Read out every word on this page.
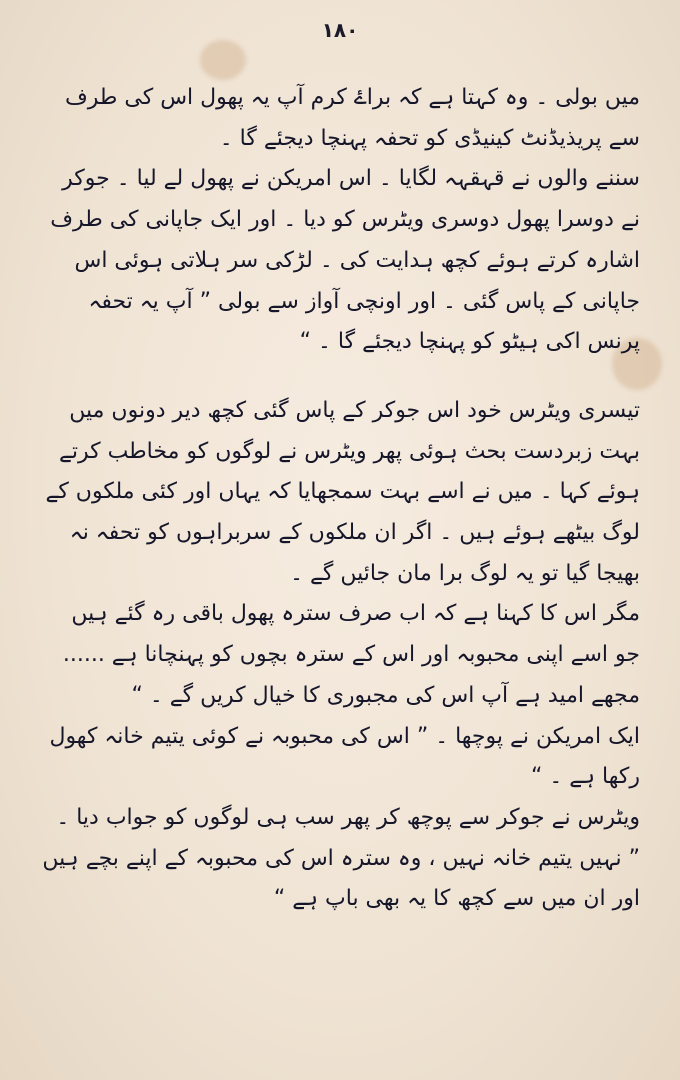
۱۸۰

میں بولی ۔ وہ کہتا ہے کہ براۓ کرم آپ یہ پھول اس کی طرف سے پریذیڈنٹ کینیڈی کو تحفہ پہنچا دیجئے گا ۔

سننے والوں نے قہقہہ لگایا ۔ اس امریکن نے پھول لے لیا ۔ جوکر نے دوسرا پھول دوسری ویٹرس کو دیا ۔ اور ایک جاپانی کی طرف اشارہ کرتے ہوئے کچھ ہدایت کی ۔ لڑکی سر ہلاتی ہوئی اس جاپانی کے پاس گئی ۔ اور اونچی آواز سے بولی ” آپ یہ تحفہ پرنس اکی ہیٹو کو پہنچا دیجئے گا ۔ “

تیسری ویٹرس خود اس جوکر کے پاس گئی کچھ دیر دونوں میں بہت زبردست بحث ہوئی پھر ویٹرس نے لوگوں کو مخاطب کرتے ہوئے کہا ۔ میں نے اسے بہت سمجھایا کہ یہاں اور کئی ملکوں کے لوگ بیٹھے ہوئے ہیں ۔ اگر ان ملکوں کے سربراہوں کو تحفہ نہ بھیجا گیا تو یہ لوگ برا مان جائیں گے ۔

مگر اس کا کہنا ہے کہ اب صرف سترہ پھول باقی رہ گئے ہیں جو اسے اپنی محبوبہ اور اس کے سترہ بچوں کو پہنچانا ہے ...... مجھے امید ہے آپ اس کی مجبوری کا خیال کریں گے ۔ “

ایک امریکن نے پوچھا ۔ ” اس کی محبوبہ نے کوئی یتیم خانہ کھول رکھا ہے ۔ “

ویٹرس نے جوکر سے پوچھ کر پھر سب ہی لوگوں کو جواب دیا ۔

” نہیں یتیم خانہ نہیں ، وہ سترہ اس کی محبوبہ کے اپنے بچے ہیں اور ان میں سے کچھ کا یہ بھی باپ ہے “
